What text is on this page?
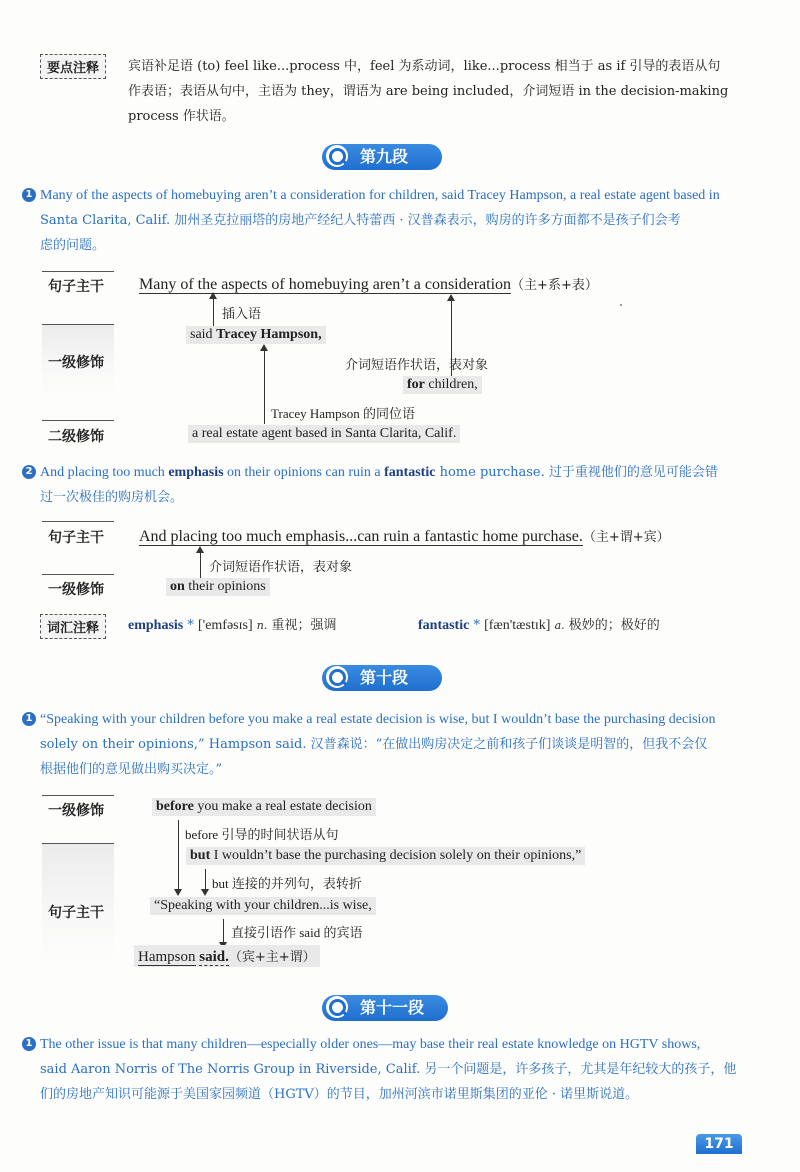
要点注释	宾语补足语 (to) feel like...process 中，feel 为系动词，like...process 相当于 as if 引导的表语从句
作表语；表语从句中，主语为 they，谓语为 are being included，介词短语 in the decision-making
process 作状语。
第九段
1 Many of the aspects of homebuying aren’t a consideration for children, said Tracey Hampson, a real estate agent based in
Santa Clarita, Calif. 加州圣克拉丽塔的房地产经纪人特蕾西 · 汉普森表示，购房的许多方面都不是孩子们会考
虑的问题。
句子主干
一级修饰
二级修饰
Many of the aspects of homebuying aren’t a consideration（主+系+表）
插入语
said Tracey Hampson,
介词短语作状语，表对象
for children,
Tracey Hampson 的同位语
a real estate agent based in Santa Clarita, Calif.
2 And placing too much emphasis on their opinions can ruin a fantastic home purchase. 过于重视他们的意见可能会错
过一次极佳的购房机会。
句子主干
一级修饰
And placing too much emphasis...can ruin a fantastic home purchase.（主+谓+宾）
介词短语作状语，表对象
on their opinions
词汇注释	emphasis * ['emfəsɪs] n. 重视；强调	fantastic * [fæn'tæstɪk] a. 极妙的；极好的
第十段
1 “Speaking with your children before you make a real estate decision is wise, but I wouldn’t base the purchasing decision
solely on their opinions,” Hampson said. 汉普森说：“在做出购房决定之前和孩子们谈谈是明智的，但我不会仅
根据他们的意见做出购买决定。”
一级修饰
句子主干
before you make a real estate decision
before 引导的时间状语从句
but I wouldn’t base the purchasing decision solely on their opinions,”
but 连接的并列句，表转折
“Speaking with your children...is wise,
直接引语作 said 的宾语
Hampson said.（宾+主+谓）
第十一段
1 The other issue is that many children—especially older ones—may base their real estate knowledge on HGTV shows,
said Aaron Norris of The Norris Group in Riverside, Calif. 另一个问题是，许多孩子，尤其是年纪较大的孩子，他
们的房地产知识可能源于美国家园频道（HGTV）的节目，加州河滨市诺里斯集团的亚伦 · 诺里斯说道。
171
